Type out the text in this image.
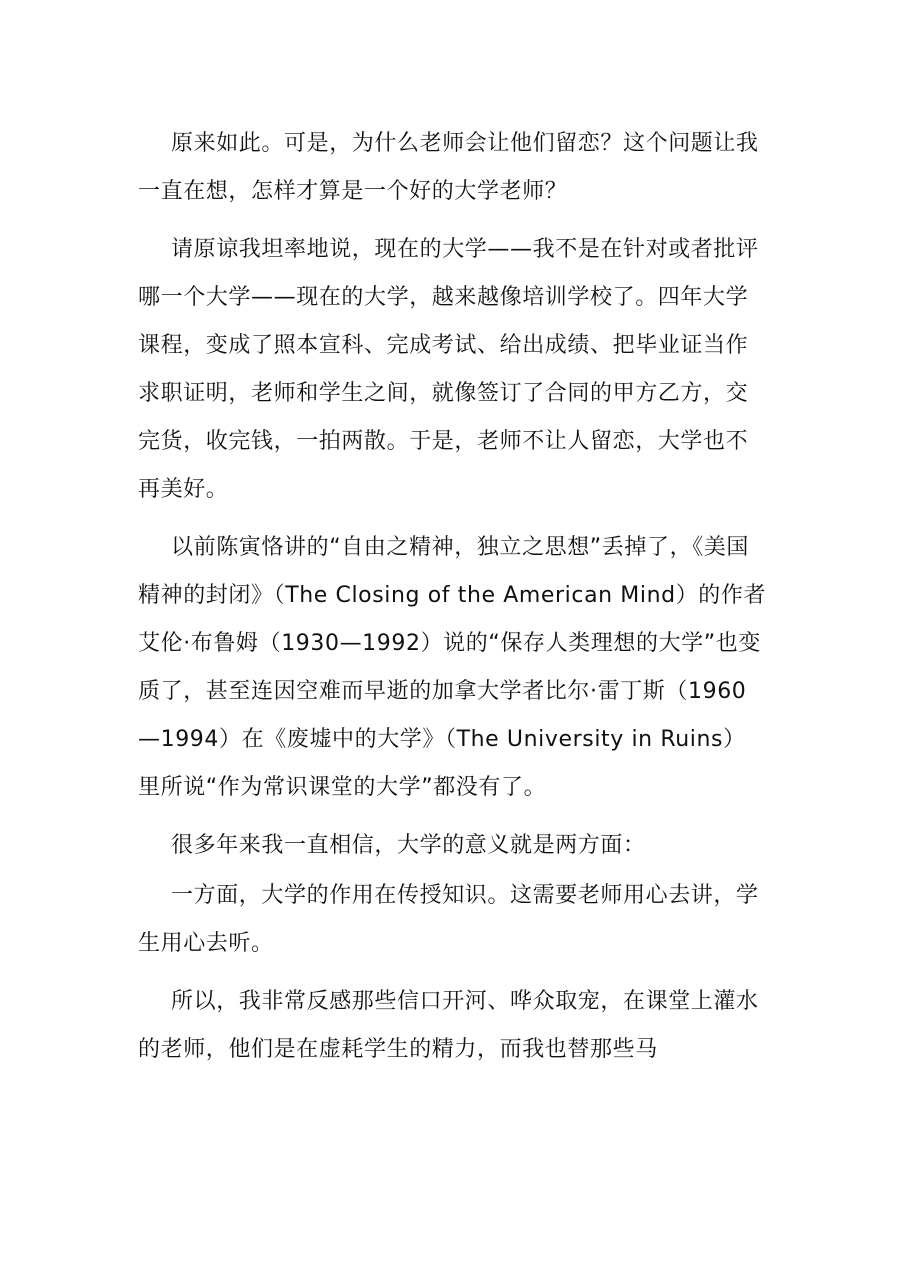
原来如此。可是，为什么老师会让他们留恋？这个问题让我一直在想，怎样才算是一个好的大学老师？

请原谅我坦率地说，现在的大学——我不是在针对或者批评哪一个大学——现在的大学，越来越像培训学校了。四年大学课程，变成了照本宣科、完成考试、给出成绩、把毕业证当作求职证明，老师和学生之间，就像签订了合同的甲方乙方，交完货，收完钱，一拍两散。于是，老师不让人留恋，大学也不再美好。

以前陈寅恪讲的“自由之精神，独立之思想”丢掉了，《美国精神的封闭》（The Closing of the American Mind）的作者艾伦·布鲁姆（1930—1992）说的“保存人类理想的大学”也变质了，甚至连因空难而早逝的加拿大学者比尔·雷丁斯（1960—1994）在《废墟中的大学》（The University in Ruins）里所说“作为常识课堂的大学”都没有了。

很多年来我一直相信，大学的意义就是两方面：

一方面，大学的作用在传授知识。这需要老师用心去讲，学生用心去听。

所以，我非常反感那些信口开河、哗众取宠，在课堂上灌水的老师，他们是在虚耗学生的精力，而我也替那些马
